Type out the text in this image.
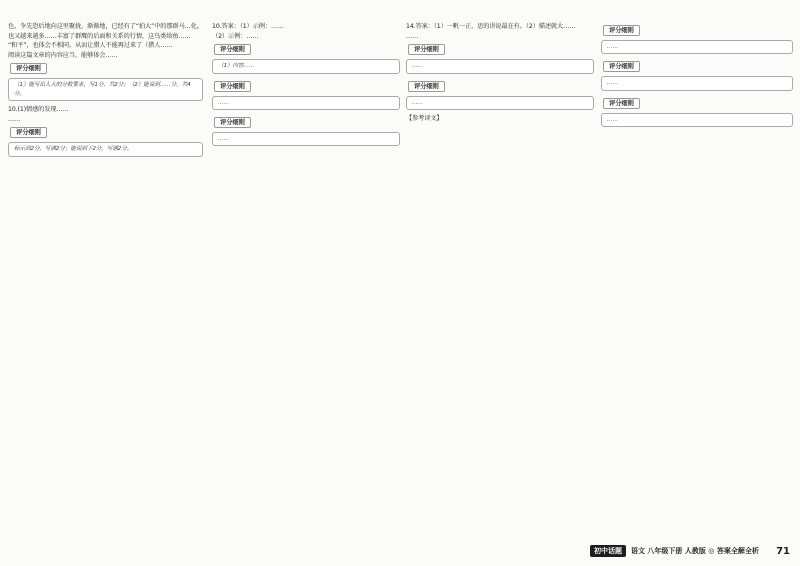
色，争先恐后地向这里聚拢，渐渐地，已经有了“拍大”中的那群马…化，也又越来越多……丰富了群鹰的后面和关系的行情，这鸟类给鱼……

“和平”，也体会不相同。从而让猎人不能再过来了（猎人……

阅读这篇文章的内容应当，能够体会……

评分细则
（1）能写出人大的分数要求，写1分，共2分；（2）能说到……分，共4分。

10.(1)情感的发现……

……

评分细则
标示到2分，写满2分；能说到下2分，写满2分。

10.答案：（1）示例：……

（2）示例：……

评分细则
（1）内容……
评分细则
……
评分细则
……

14.答案：（1）一帆一正，思的讲说最在有。（2）描述就大……

……

评分细则
……
评分细则
……

【参考译文】

评分细则
……
评分细则
……
评分细则
……
初中话题	语文 八年级下册 人教版 ◎ 答案全解全析 71
